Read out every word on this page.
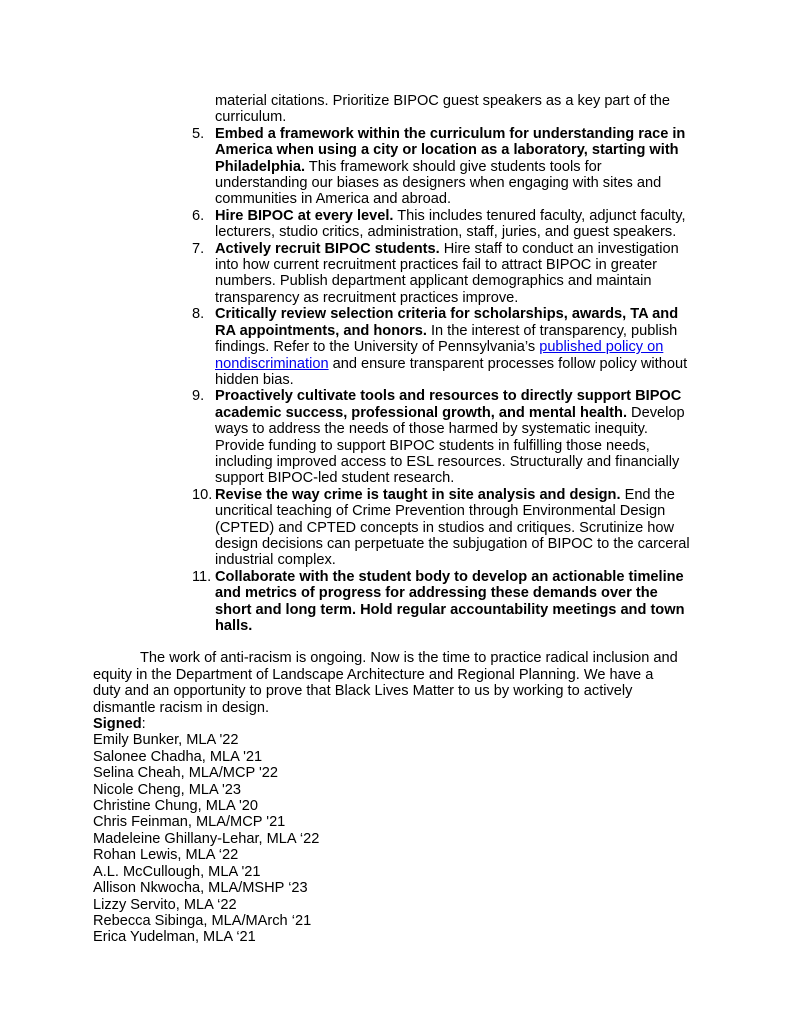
material citations. Prioritize BIPOC guest speakers as a key part of the curriculum.
5. Embed a framework within the curriculum for understanding race in America when using a city or location as a laboratory, starting with Philadelphia. This framework should give students tools for understanding our biases as designers when engaging with sites and communities in America and abroad.
6. Hire BIPOC at every level. This includes tenured faculty, adjunct faculty, lecturers, studio critics, administration, staff, juries, and guest speakers.
7. Actively recruit BIPOC students. Hire staff to conduct an investigation into how current recruitment practices fail to attract BIPOC in greater numbers. Publish department applicant demographics and maintain transparency as recruitment practices improve.
8. Critically review selection criteria for scholarships, awards, TA and RA appointments, and honors. In the interest of transparency, publish findings. Refer to the University of Pennsylvania’s published policy on nondiscrimination and ensure transparent processes follow policy without hidden bias.
9. Proactively cultivate tools and resources to directly support BIPOC academic success, professional growth, and mental health. Develop ways to address the needs of those harmed by systematic inequity. Provide funding to support BIPOC students in fulfilling those needs, including improved access to ESL resources. Structurally and financially support BIPOC-led student research.
10. Revise the way crime is taught in site analysis and design. End the uncritical teaching of Crime Prevention through Environmental Design (CPTED) and CPTED concepts in studios and critiques. Scrutinize how design decisions can perpetuate the subjugation of BIPOC to the carceral industrial complex.
11. Collaborate with the student body to develop an actionable timeline and metrics of progress for addressing these demands over the short and long term. Hold regular accountability meetings and town halls.

The work of anti-racism is ongoing. Now is the time to practice radical inclusion and equity in the Department of Landscape Architecture and Regional Planning. We have a duty and an opportunity to prove that Black Lives Matter to us by working to actively dismantle racism in design.

Signed:
Emily Bunker, MLA '22
Salonee Chadha, MLA '21
Selina Cheah, MLA/MCP '22
Nicole Cheng, MLA '23
Christine Chung, MLA '20
Chris Feinman, MLA/MCP '21
Madeleine Ghillany-Lehar, MLA ‘22
Rohan Lewis, MLA ‘22
A.L. McCullough, MLA '21
Allison Nkwocha, MLA/MSHP ‘23
Lizzy Servito, MLA ‘22
Rebecca Sibinga, MLA/MArch ‘21
Erica Yudelman, MLA ‘21
